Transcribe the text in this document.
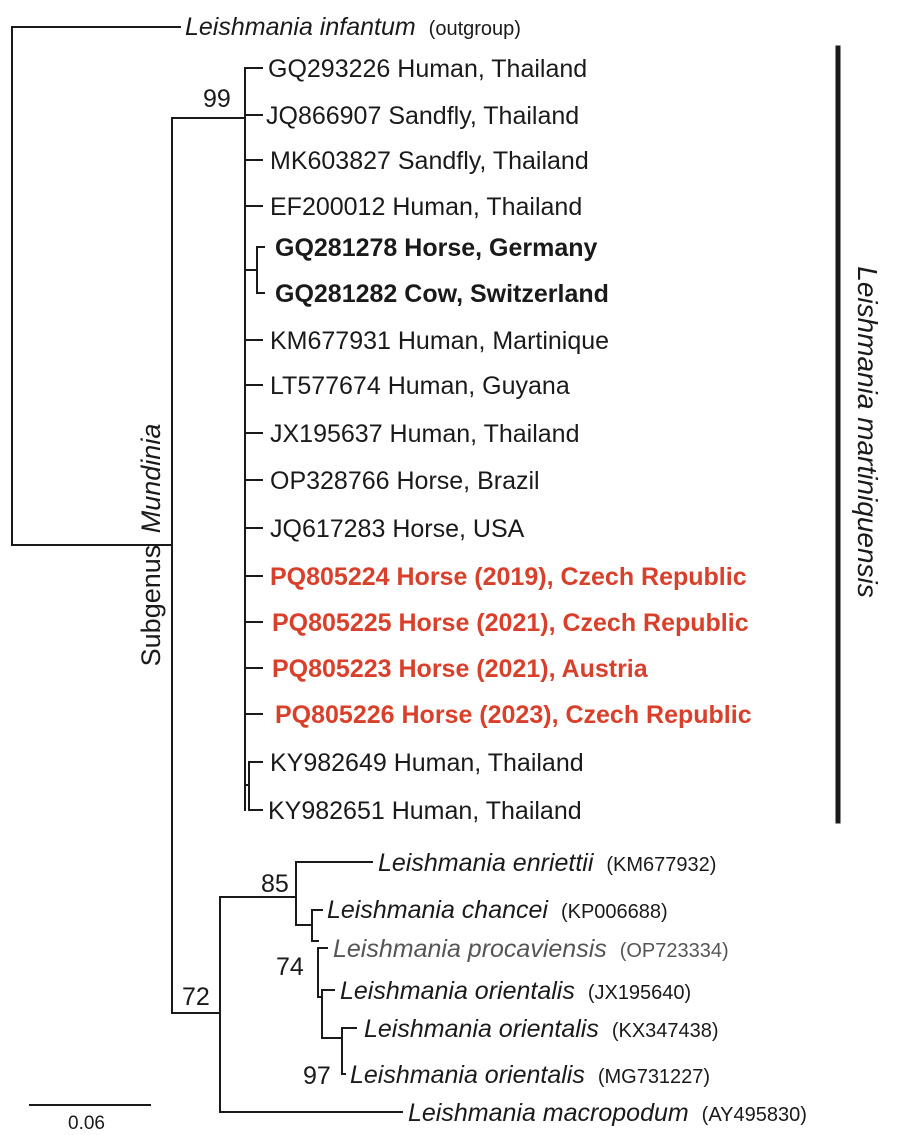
Leishmania infantum (outgroup)
GQ293226 Human, Thailand
JQ866907 Sandfly, Thailand
MK603827 Sandfly, Thailand
EF200012 Human, Thailand
GQ281278 Horse, Germany
GQ281282 Cow, Switzerland
KM677931 Human, Martinique
LT577674 Human, Guyana
JX195637 Human, Thailand
OP328766 Horse, Brazil
JQ617283 Horse, USA
PQ805224 Horse (2019), Czech Republic
PQ805225 Horse (2021), Czech Republic
PQ805223 Horse (2021), Austria
PQ805226 Horse (2023), Czech Republic
KY982649 Human, Thailand
KY982651 Human, Thailand
Leishmania enriettii (KM677932)
Leishmania chancei (KP006688)
Leishmania procaviensis (OP723334)
Leishmania orientalis (JX195640)
Leishmania orientalis (KX347438)
Leishmania orientalis (MG731227)
Leishmania macropodum (AY495830)
99
85
74
97
72
Leishmania martiniquensis
Subgenus Mundinia
0.06
